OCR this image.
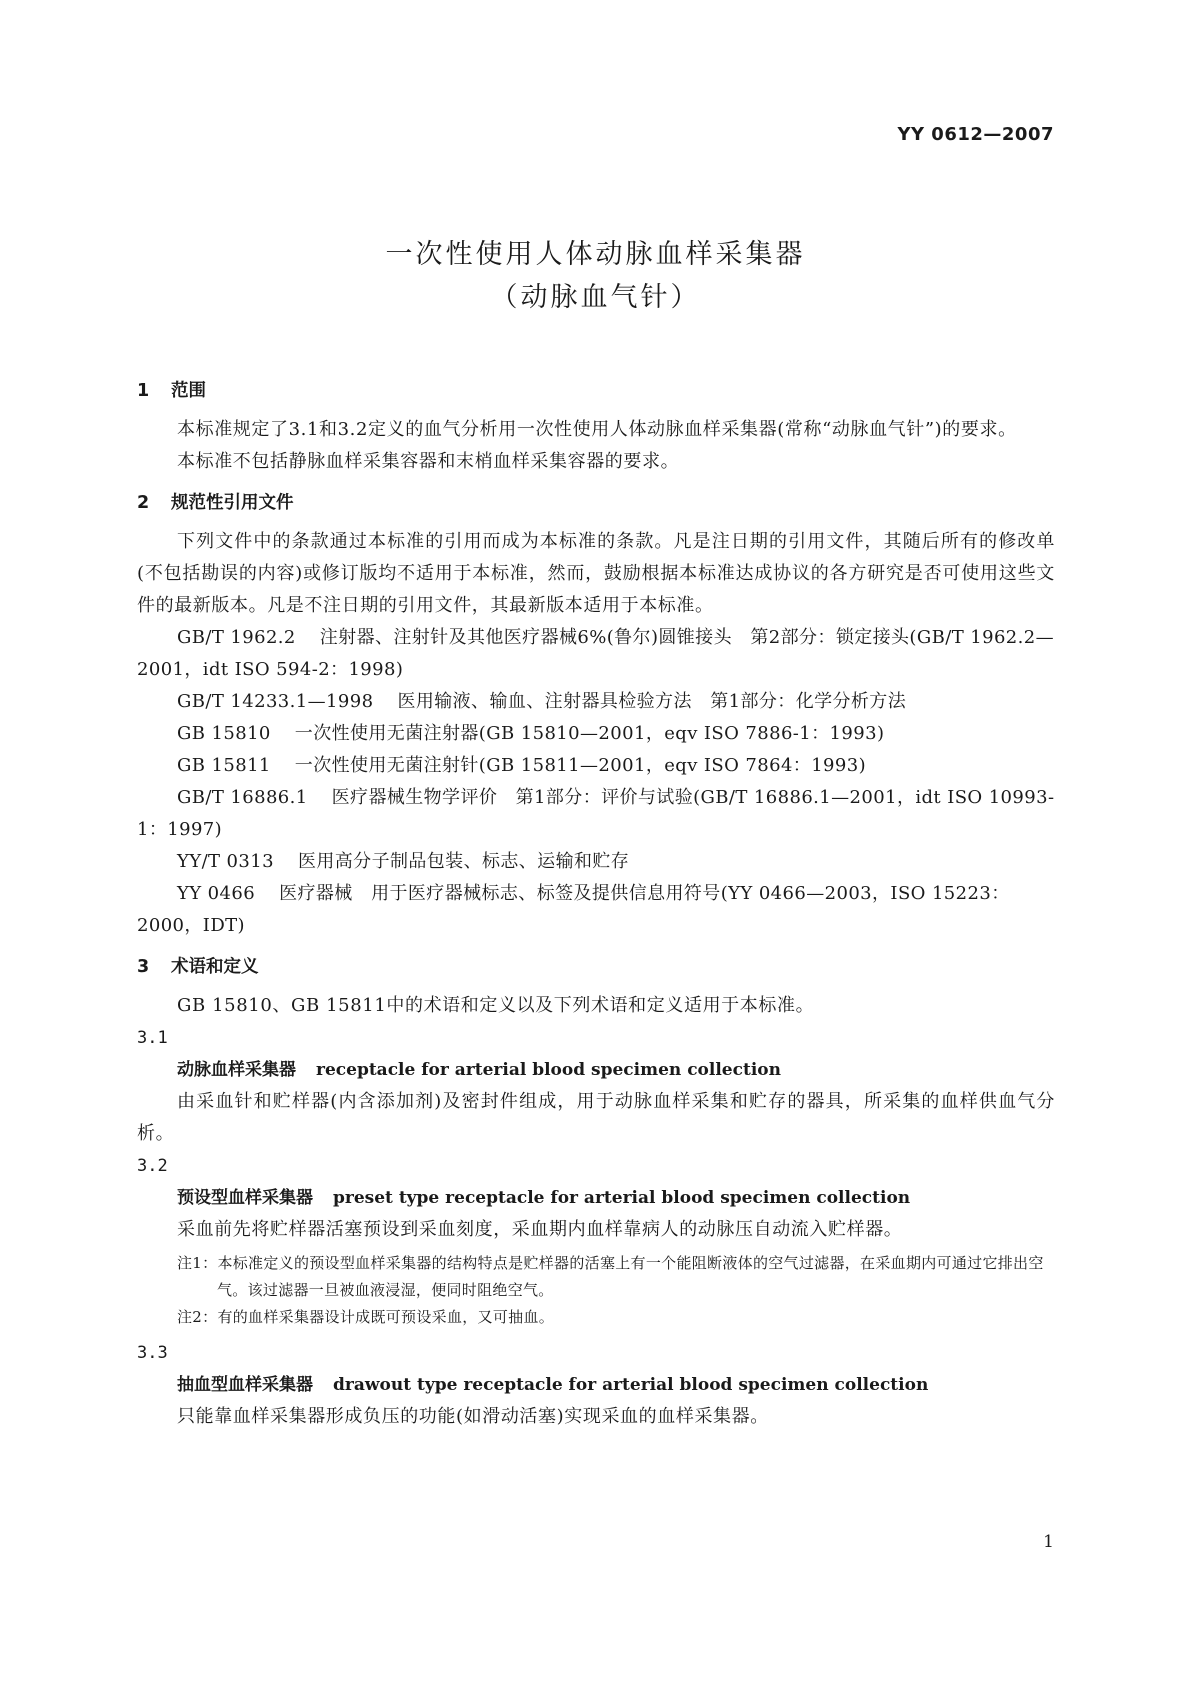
YY 0612—2007
一次性使用人体动脉血样采集器
（动脉血气针）
1 范围
本标准规定了3.1和3.2定义的血气分析用一次性使用人体动脉血样采集器(常称“动脉血气针”)的要求。
本标准不包括静脉血样采集容器和末梢血样采集容器的要求。
2 规范性引用文件
下列文件中的条款通过本标准的引用而成为本标准的条款。凡是注日期的引用文件，其随后所有的修改单(不包括勘误的内容)或修订版均不适用于本标准，然而，鼓励根据本标准达成协议的各方研究是否可使用这些文件的最新版本。凡是不注日期的引用文件，其最新版本适用于本标准。
GB/T 1962.2 注射器、注射针及其他医疗器械6%(鲁尔)圆锥接头　第2部分：锁定接头(GB/T 1962.2—2001，idt ISO 594-2：1998)
GB/T 14233.1—1998 医用输液、输血、注射器具检验方法　第1部分：化学分析方法
GB 15810 一次性使用无菌注射器(GB 15810—2001，eqv ISO 7886-1：1993)
GB 15811 一次性使用无菌注射针(GB 15811—2001，eqv ISO 7864：1993)
GB/T 16886.1 医疗器械生物学评价　第1部分：评价与试验(GB/T 16886.1—2001，idt ISO 10993-1：1997)
YY/T 0313 医用高分子制品包装、标志、运输和贮存
YY 0466 医疗器械　用于医疗器械标志、标签及提供信息用符号(YY 0466—2003，ISO 15223：2000，IDT)
3 术语和定义
GB 15810、GB 15811中的术语和定义以及下列术语和定义适用于本标准。
3.1
动脉血样采集器 receptacle for arterial blood specimen collection
由采血针和贮样器(内含添加剂)及密封件组成，用于动脉血样采集和贮存的器具，所采集的血样供血气分析。
3.2
预设型血样采集器 preset type receptacle for arterial blood specimen collection
采血前先将贮样器活塞预设到采血刻度，采血期内血样靠病人的动脉压自动流入贮样器。
注1：本标准定义的预设型血样采集器的结构特点是贮样器的活塞上有一个能阻断液体的空气过滤器，在采血期内可通过它排出空气。该过滤器一旦被血液浸湿，便同时阻绝空气。
注2：有的血样采集器设计成既可预设采血，又可抽血。
3.3
抽血型血样采集器 drawout type receptacle for arterial blood specimen collection
只能靠血样采集器形成负压的功能(如滑动活塞)实现采血的血样采集器。
1
